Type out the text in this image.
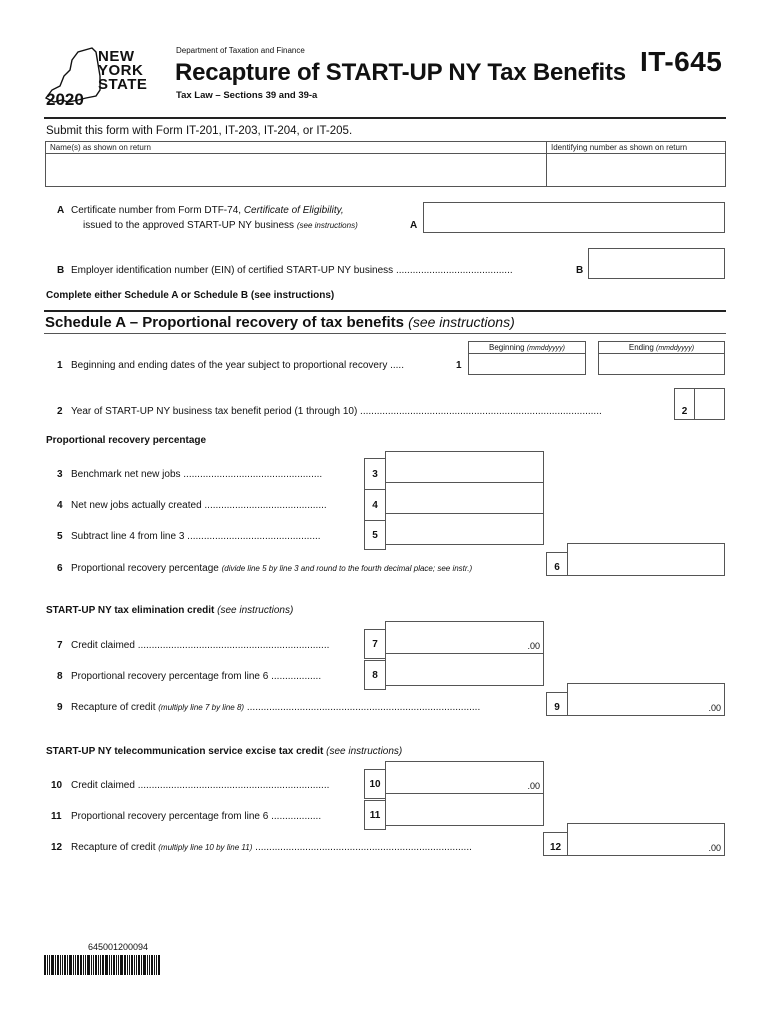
NEW
YORK
STATE
2020
Department of Taxation and Finance
Recapture of START-UP NY Tax Benefits
Tax Law – Sections 39 and 39-a
IT-645
Submit this form with Form IT-201, IT-203, IT-204, or IT-205.
Name(s) as shown on return	Identifying number as shown on return
A Certificate number from Form DTF-74, Certificate of Eligibility,
issued to the approved START-UP NY business (see instructions)	A
B Employer identification number (EIN) of certified START-UP NY business ..........................................	B
Complete either Schedule A or Schedule B (see instructions)
Schedule A – Proportional recovery of tax benefits (see instructions)
Beginning (mmddyyyy)	Ending (mmddyyyy)
1 Beginning and ending dates of the year subject to proportional recovery .....	1
2 Year of START-UP NY business tax benefit period (1 through 10) .......................................................................................	2
Proportional recovery percentage
3 Benchmark net new jobs ..................................................	3
4 Net new jobs actually created ............................................	4
5 Subtract line 4 from line 3 ................................................	5
6 Proportional recovery percentage (divide line 5 by line 3 and round to the fourth decimal place; see instr.)	6
START-UP NY tax elimination credit (see instructions)
7 Credit claimed .....................................................................	7	.00
8 Proportional recovery percentage from line 6 ..................	8
9 Recapture of credit (multiply line 7 by line 8) ....................................................................................	9	.00
START-UP NY telecommunication service excise tax credit (see instructions)
10 Credit claimed .....................................................................	10	.00
11 Proportional recovery percentage from line 6 ..................	11
12 Recapture of credit (multiply line 10 by line 11) ..............................................................................	12	.00
645001200094
